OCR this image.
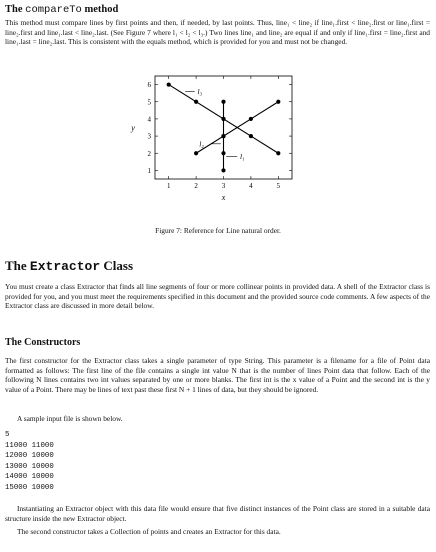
The compareTo method

This method must compare lines by first points and then, if needed, by last points. Thus, line₁ < line₂ if line₁.first < line₂.first or line₁.first = line₂.first and line₁.last < line₂.last. (See Figure 7 where l₁ < l₂ < l₃.) Two lines line₁ and line₂ are equal if and only if line₁.first = line₂.first and line₁.last = line₂.last. This is consistent with the equals method, which is provided for you and must not be changed.

1	2	3	4	5
1
2
3
4
5
6
x
y
l₁
l₂
l₃

Figure 7: Reference for Line natural order.

The Extractor Class

You must create a class Extractor that finds all line segments of four or more collinear points in provided data. A shell of the Extractor class is provided for you, and you must meet the requirements specified in this document and the provided source code comments. A few aspects of the Extractor class are discussed in more detail below.

The Constructors

The first constructor for the Extractor class takes a single parameter of type String. This parameter is a filename for a file of Point data formatted as follows: The first line of the file contains a single int value N that is the number of lines Point data that follow. Each of the following N lines contains two int values separated by one or more blanks. The first int is the x value of a Point and the second int is the y value of a Point. There may be lines of text past these first N + 1 lines of data, but they should be ignored.

A sample input file is shown below.

5
11000 11000
12000 10000
13000 10000
14000 10000
15000 10000

Instantiating an Extractor object with this data file would ensure that five distinct instances of the Point class are stored in a suitable data structure inside the new Extractor object.

The second constructor takes a Collection of points and creates an Extractor for this data.
